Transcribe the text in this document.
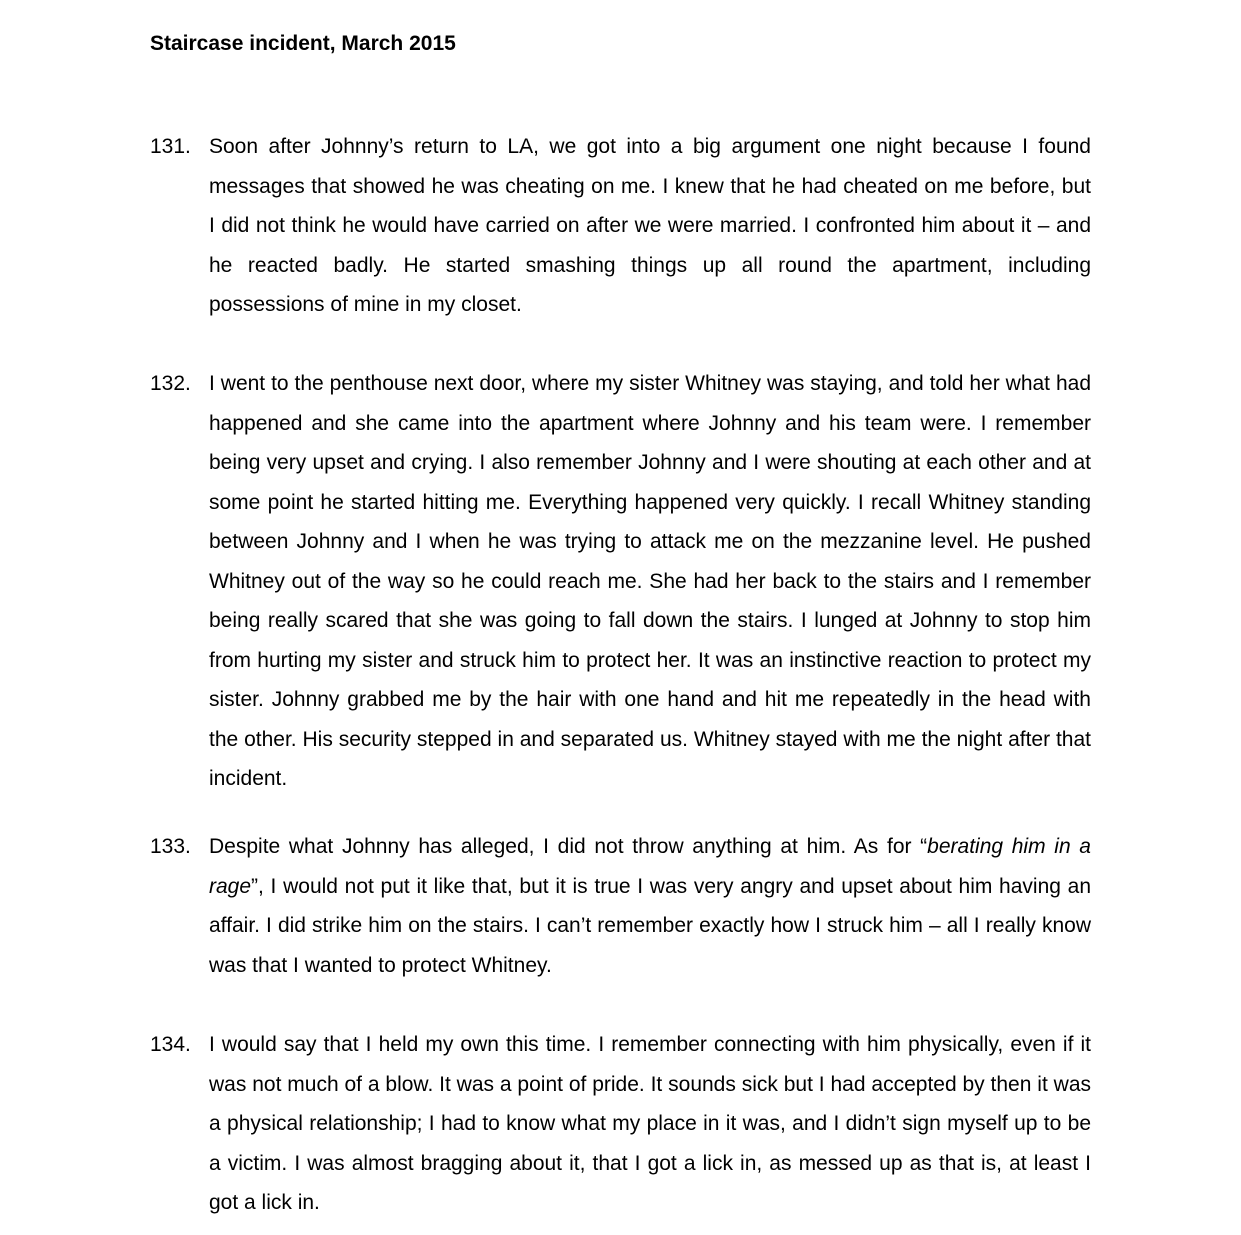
Staircase incident, March 2015
131. Soon after Johnny’s return to LA, we got into a big argument one night because I found messages that showed he was cheating on me. I knew that he had cheated on me before, but I did not think he would have carried on after we were married. I confronted him about it – and he reacted badly. He started smashing things up all round the apartment, including possessions of mine in my closet.
132. I went to the penthouse next door, where my sister Whitney was staying, and told her what had happened and she came into the apartment where Johnny and his team were. I remember being very upset and crying. I also remember Johnny and I were shouting at each other and at some point he started hitting me. Everything happened very quickly. I recall Whitney standing between Johnny and I when he was trying to attack me on the mezzanine level. He pushed Whitney out of the way so he could reach me. She had her back to the stairs and I remember being really scared that she was going to fall down the stairs. I lunged at Johnny to stop him from hurting my sister and struck him to protect her. It was an instinctive reaction to protect my sister. Johnny grabbed me by the hair with one hand and hit me repeatedly in the head with the other. His security stepped in and separated us. Whitney stayed with me the night after that incident.
133. Despite what Johnny has alleged, I did not throw anything at him. As for “berating him in a rage”, I would not put it like that, but it is true I was very angry and upset about him having an affair. I did strike him on the stairs. I can’t remember exactly how I struck him – all I really know was that I wanted to protect Whitney.
134. I would say that I held my own this time. I remember connecting with him physically, even if it was not much of a blow. It was a point of pride. It sounds sick but I had accepted by then it was a physical relationship; I had to know what my place in it was, and I didn’t sign myself up to be a victim. I was almost bragging about it, that I got a lick in, as messed up as that is, at least I got a lick in.
